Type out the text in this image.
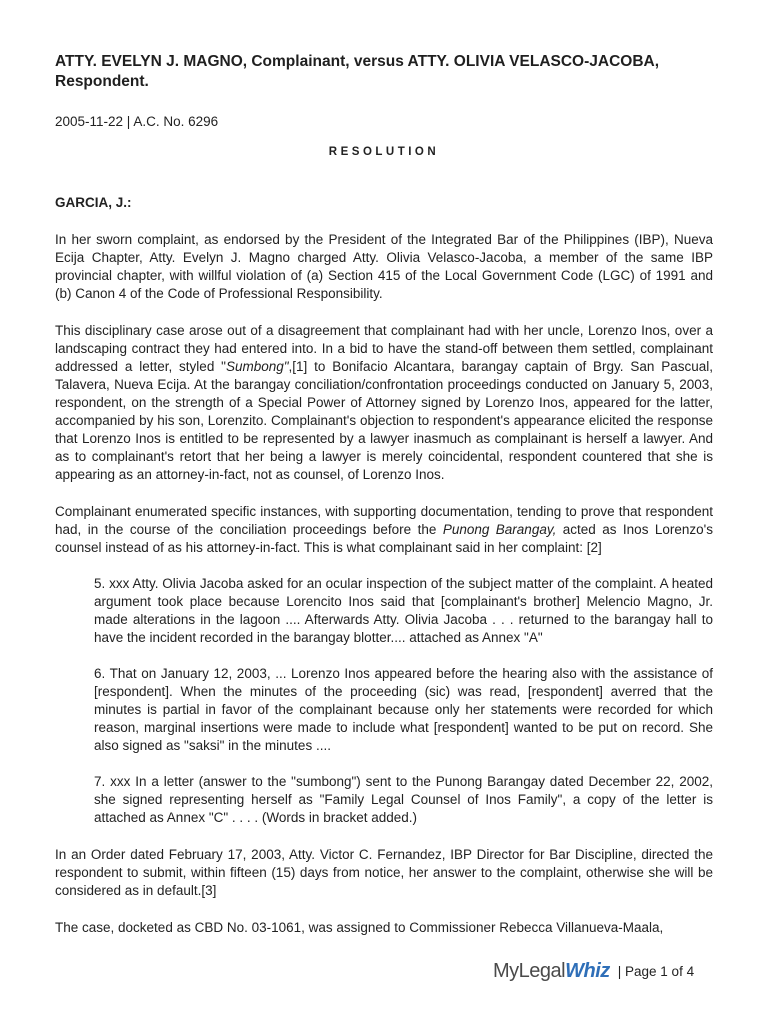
ATTY. EVELYN J. MAGNO, Complainant, versus ATTY. OLIVIA VELASCO-JACOBA, Respondent.
2005-11-22 | A.C. No. 6296
RESOLUTION
GARCIA, J.:

In her sworn complaint, as endorsed by the President of the Integrated Bar of the Philippines (IBP), Nueva Ecija Chapter, Atty. Evelyn J. Magno charged Atty. Olivia Velasco-Jacoba, a member of the same IBP provincial chapter, with willful violation of (a) Section 415 of the Local Government Code (LGC) of 1991 and (b) Canon 4 of the Code of Professional Responsibility.

This disciplinary case arose out of a disagreement that complainant had with her uncle, Lorenzo Inos, over a landscaping contract they had entered into. In a bid to have the stand-off between them settled, complainant addressed a letter, styled "Sumbong",[1] to Bonifacio Alcantara, barangay captain of Brgy. San Pascual, Talavera, Nueva Ecija. At the barangay conciliation/confrontation proceedings conducted on January 5, 2003, respondent, on the strength of a Special Power of Attorney signed by Lorenzo Inos, appeared for the latter, accompanied by his son, Lorenzito. Complainant's objection to respondent's appearance elicited the response that Lorenzo Inos is entitled to be represented by a lawyer inasmuch as complainant is herself a lawyer. And as to complainant's retort that her being a lawyer is merely coincidental, respondent countered that she is appearing as an attorney-in-fact, not as counsel, of Lorenzo Inos.

Complainant enumerated specific instances, with supporting documentation, tending to prove that respondent had, in the course of the conciliation proceedings before the Punong Barangay, acted as Inos Lorenzo's counsel instead of as his attorney-in-fact. This is what complainant said in her complaint: [2]

5. xxx Atty. Olivia Jacoba asked for an ocular inspection of the subject matter of the complaint. A heated argument took place because Lorencito Inos said that [complainant's brother] Melencio Magno, Jr. made alterations in the lagoon .... Afterwards Atty. Olivia Jacoba . . . returned to the barangay hall to have the incident recorded in the barangay blotter.... attached as Annex "A"

6. That on January 12, 2003, ... Lorenzo Inos appeared before the hearing also with the assistance of [respondent]. When the minutes of the proceeding (sic) was read, [respondent] averred that the minutes is partial in favor of the complainant because only her statements were recorded for which reason, marginal insertions were made to include what [respondent] wanted to be put on record. She also signed as "saksi" in the minutes ....

7. xxx In a letter (answer to the "sumbong") sent to the Punong Barangay dated December 22, 2002, she signed representing herself as "Family Legal Counsel of Inos Family", a copy of the letter is attached as Annex "C" . . . . (Words in bracket added.)

In an Order dated February 17, 2003, Atty. Victor C. Fernandez, IBP Director for Bar Discipline, directed the respondent to submit, within fifteen (15) days from notice, her answer to the complaint, otherwise she will be considered as in default.[3]

The case, docketed as CBD No. 03-1061, was assigned to Commissioner Rebecca Villanueva-Maala,

MyLegalWhiz | Page 1 of 4
